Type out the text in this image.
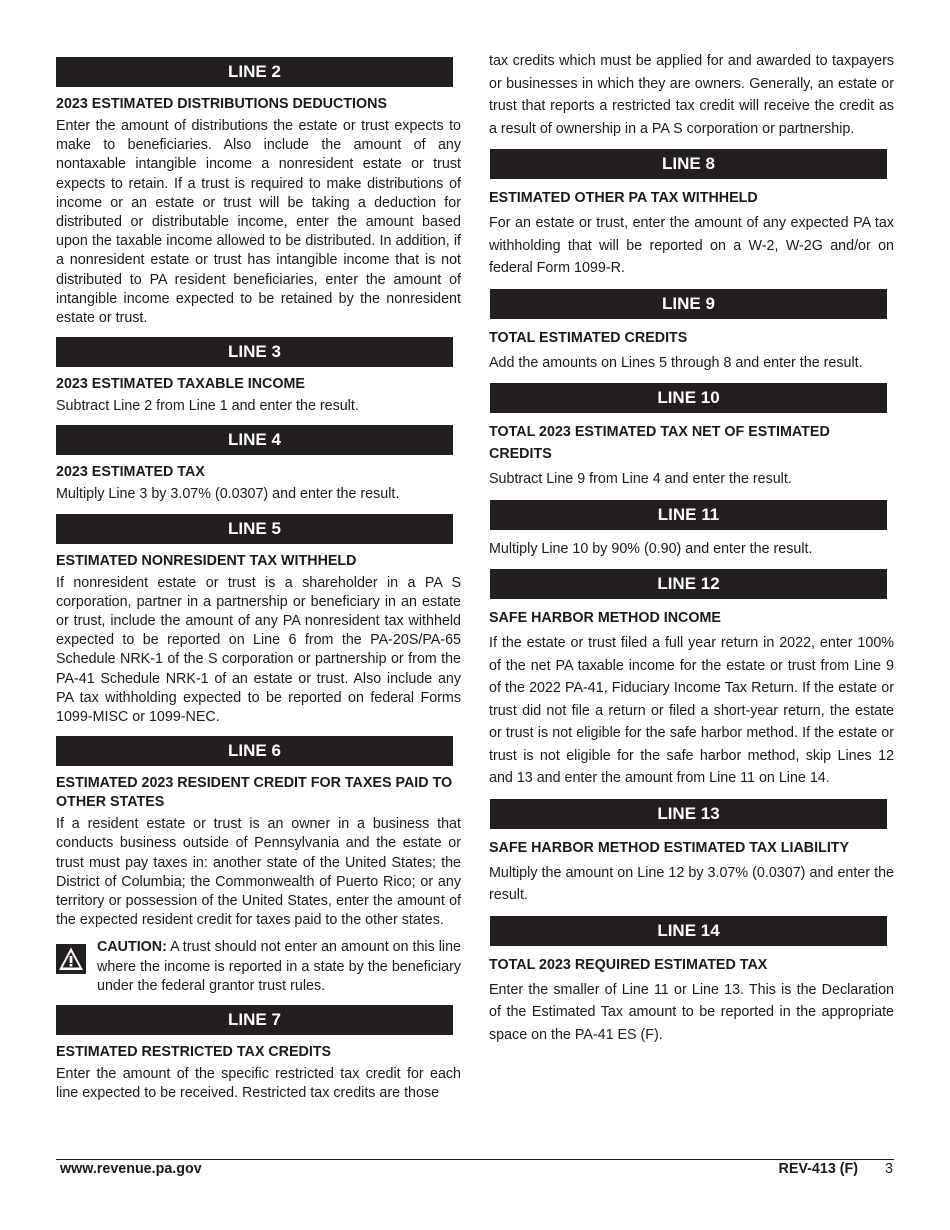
LINE 2

2023 ESTIMATED DISTRIBUTIONS DEDUCTIONS

Enter the amount of distributions the estate or trust expects to make to beneficiaries. Also include the amount of any nontaxable intangible income a nonresident estate or trust expects to retain. If a trust is required to make distributions of income or an estate or trust will be taking a deduction for distributed or distributable income, enter the amount based upon the taxable income allowed to be distributed. In addition, if a nonresident estate or trust has intangible income that is not distributed to PA resident beneficiaries, enter the amount of intangible income expected to be retained by the nonresident estate or trust.

LINE 3

2023 ESTIMATED TAXABLE INCOME

Subtract Line 2 from Line 1 and enter the result.

LINE 4

2023 ESTIMATED TAX

Multiply Line 3 by 3.07% (0.0307) and enter the result.

LINE 5

ESTIMATED NONRESIDENT TAX WITHHELD

If nonresident estate or trust is a shareholder in a PA S corporation, partner in a partnership or beneficiary in an estate or trust, include the amount of any PA nonresident tax withheld expected to be reported on Line 6 from the PA-20S/PA-65 Schedule NRK-1 of the S corporation or partnership or from the PA-41 Schedule NRK-1 of an estate or trust. Also include any PA tax withholding expected to be reported on federal Forms 1099-MISC or 1099-NEC.

LINE 6

ESTIMATED 2023 RESIDENT CREDIT FOR TAXES PAID TO OTHER STATES

If a resident estate or trust is an owner in a business that conducts business outside of Pennsylvania and the estate or trust must pay taxes in: another state of the United States; the District of Columbia; the Commonwealth of Puerto Rico; or any territory or possession of the United States, enter the amount of the expected resident credit for taxes paid to the other states.

CAUTION: A trust should not enter an amount on this line where the income is reported in a state by the beneficiary under the federal grantor trust rules.
LINE 7

ESTIMATED RESTRICTED TAX CREDITS

Enter the amount of the specific restricted tax credit for each line expected to be received. Restricted tax credits are those

tax credits which must be applied for and awarded to taxpayers or businesses in which they are owners. Generally, an estate or trust that reports a restricted tax credit will receive the credit as a result of ownership in a PA S corporation or partnership.

LINE 8

ESTIMATED OTHER PA TAX WITHHELD

For an estate or trust, enter the amount of any expected PA tax withholding that will be reported on a W-2, W-2G and/or on federal Form 1099-R.

LINE 9

TOTAL ESTIMATED CREDITS

Add the amounts on Lines 5 through 8 and enter the result.

LINE 10

TOTAL 2023 ESTIMATED TAX NET OF ESTIMATED CREDITS

Subtract Line 9 from Line 4 and enter the result.

LINE 11

Multiply Line 10 by 90% (0.90) and enter the result.

LINE 12

SAFE HARBOR METHOD INCOME

If the estate or trust filed a full year return in 2022, enter 100% of the net PA taxable income for the estate or trust from Line 9 of the 2022 PA-41, Fiduciary Income Tax Return. If the estate or trust did not file a return or filed a short-year return, the estate or trust is not eligible for the safe harbor method. If the estate or trust is not eligible for the safe harbor method, skip Lines 12 and 13 and enter the amount from Line 11 on Line 14.

LINE 13

SAFE HARBOR METHOD ESTIMATED TAX LIABILITY

Multiply the amount on Line 12 by 3.07% (0.0307) and enter the result.

LINE 14

TOTAL 2023 REQUIRED ESTIMATED TAX

Enter the smaller of Line 11 or Line 13. This is the Declaration of the Estimated Tax amount to be reported in the appropriate space on the PA-41 ES (F).

www.revenue.pa.gov	REV-413 (F) 3
